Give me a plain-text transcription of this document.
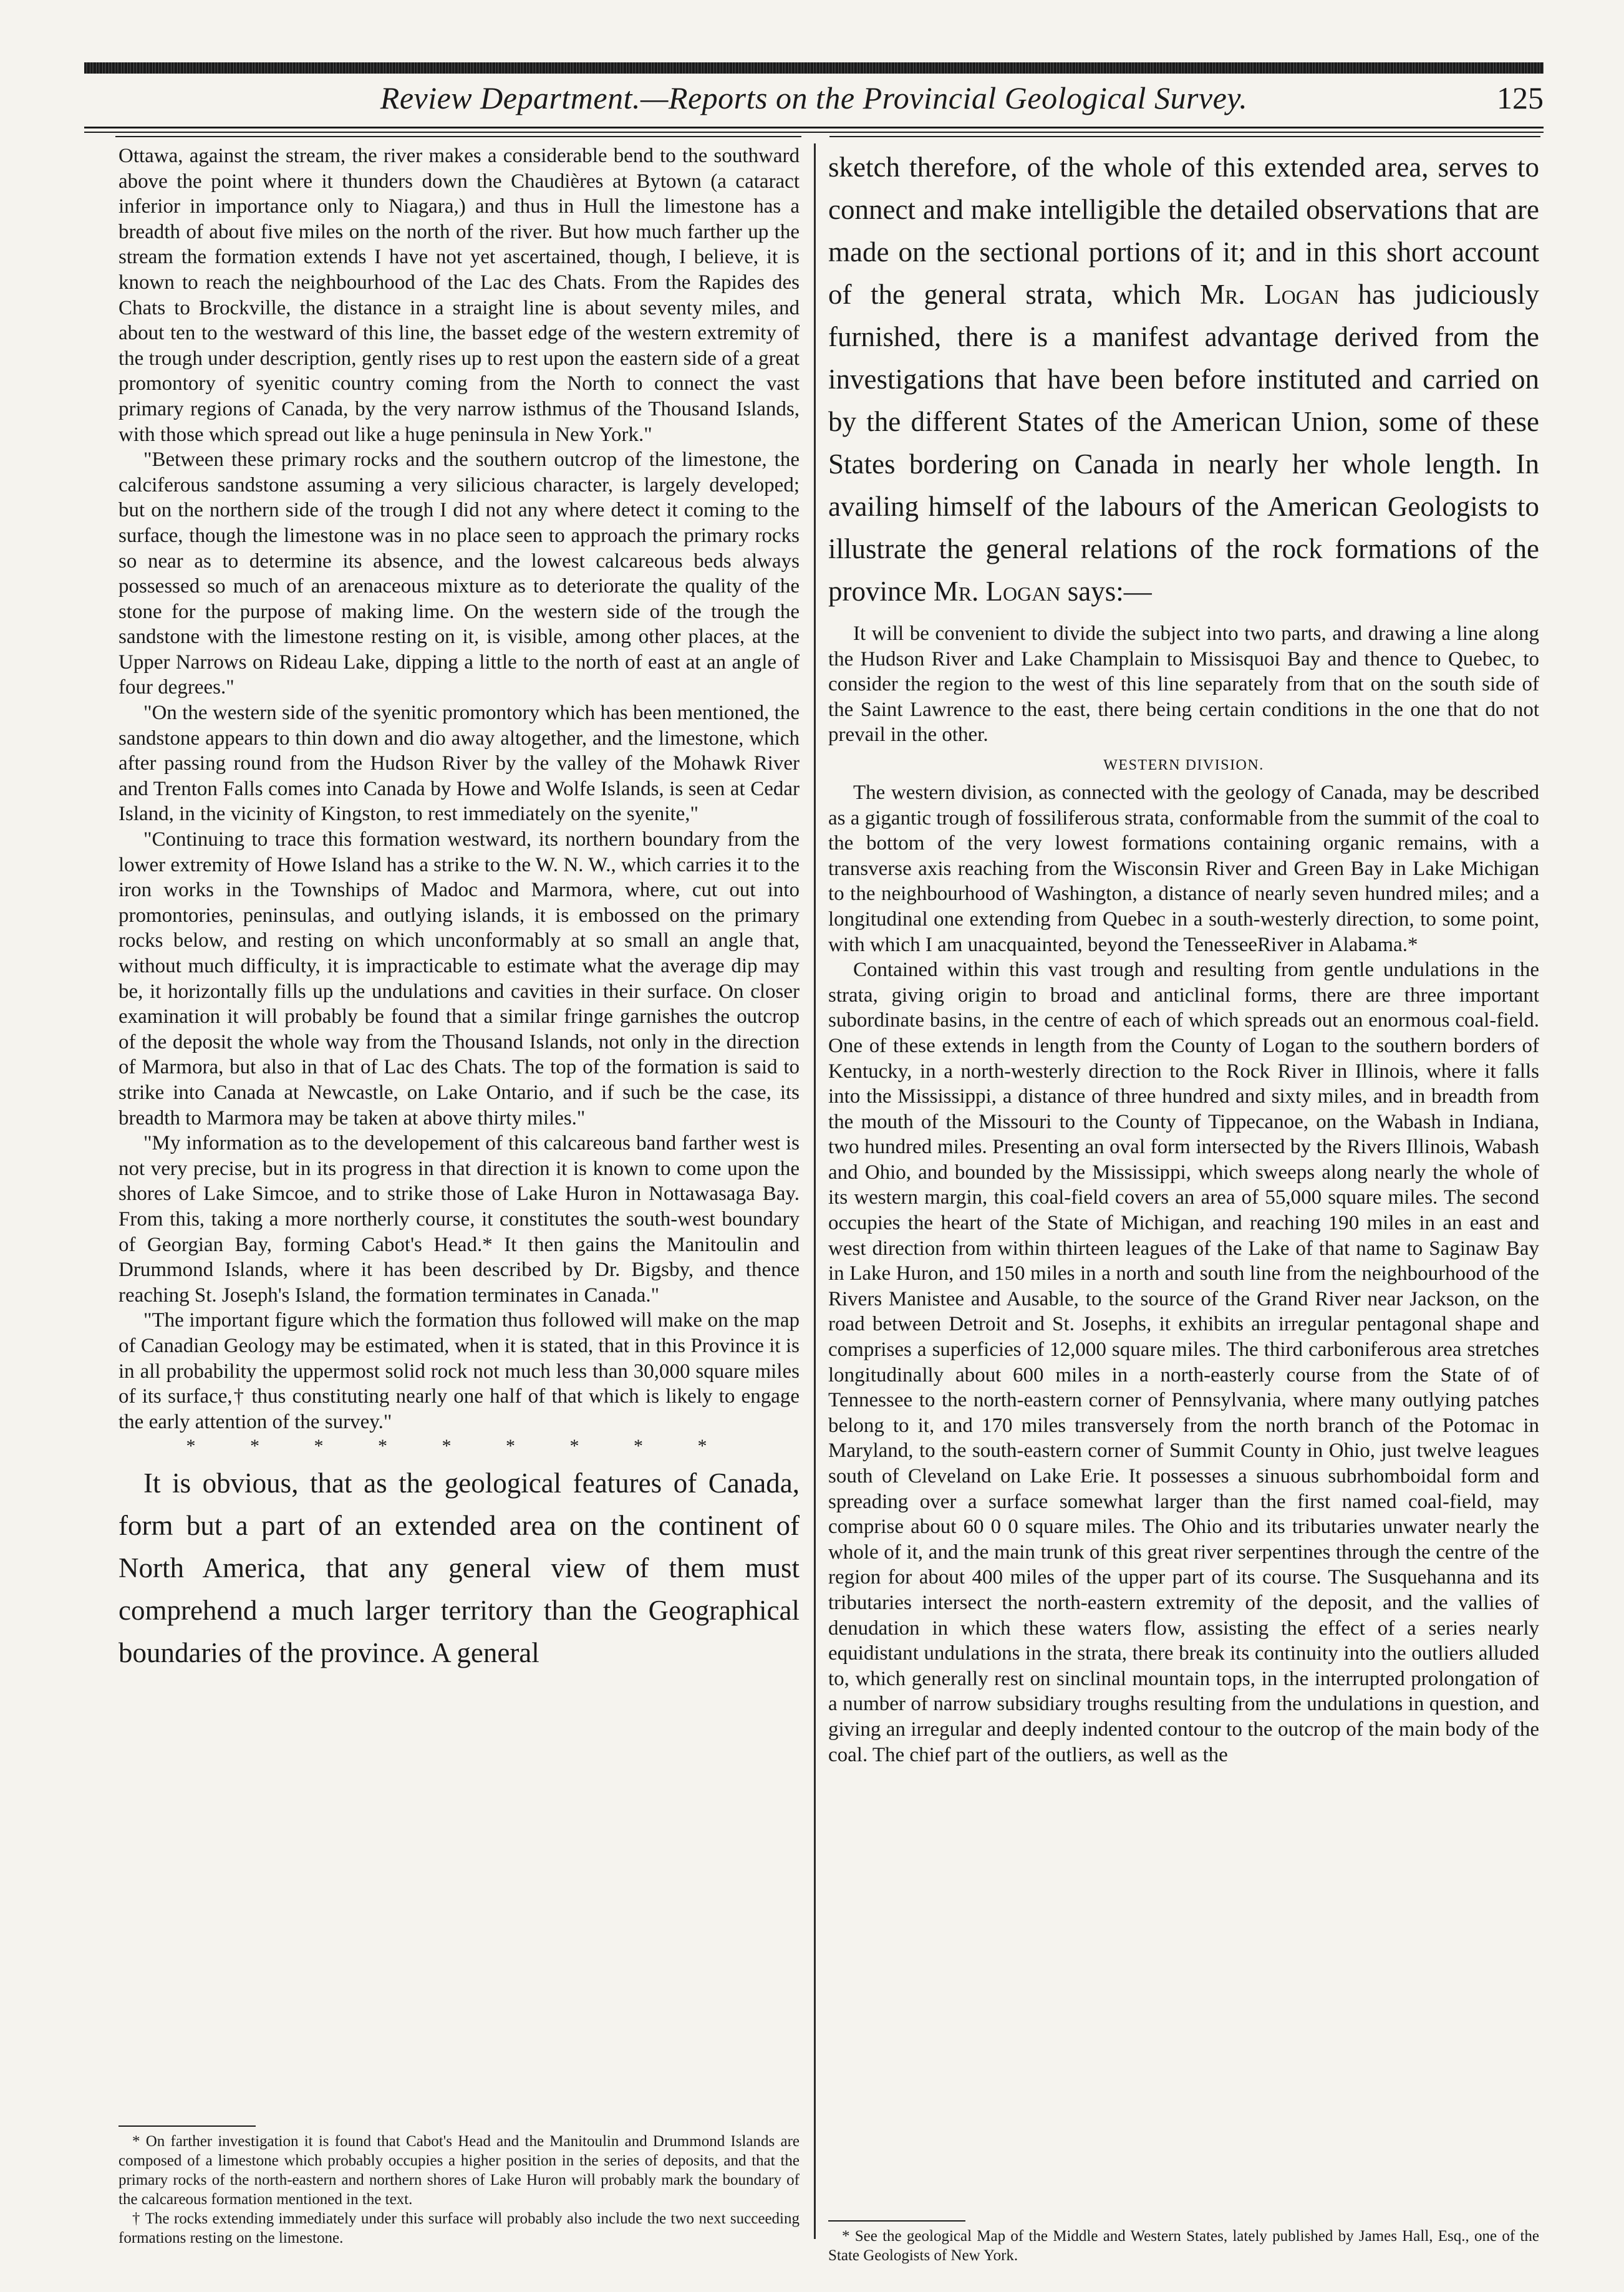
Review Department.—Reports on the Provincial Geological Survey.	125

Ottawa, against the stream, the river makes a considerable bend to the southward above the point where it thunders down the Chaudières at Bytown (a cataract inferior in importance only to Niagara,) and thus in Hull the limestone has a breadth of about five miles on the north of the river. But how much farther up the stream the formation extends I have not yet ascertained, though, I believe, it is known to reach the neighbourhood of the Lac des Chats. From the Rapides des Chats to Brockville, the distance in a straight line is about seventy miles, and about ten to the westward of this line, the basset edge of the western extremity of the trough under description, gently rises up to rest upon the eastern side of a great promontory of syenitic country coming from the North to connect the vast primary regions of Canada, by the very narrow isthmus of the Thousand Islands, with those which spread out like a huge peninsula in New York."

"Between these primary rocks and the southern outcrop of the limestone, the calciferous sandstone assuming a very silicious character, is largely developed; but on the northern side of the trough I did not any where detect it coming to the surface, though the limestone was in no place seen to approach the primary rocks so near as to determine its absence, and the lowest calcareous beds always possessed so much of an arenaceous mixture as to deteriorate the quality of the stone for the purpose of making lime. On the western side of the trough the sandstone with the limestone resting on it, is visible, among other places, at the Upper Narrows on Rideau Lake, dipping a little to the north of east at an angle of four degrees."

"On the western side of the syenitic promontory which has been mentioned, the sandstone appears to thin down and dio away altogether, and the limestone, which after passing round from the Hudson River by the valley of the Mohawk River and Trenton Falls comes into Canada by Howe and Wolfe Islands, is seen at Cedar Island, in the vicinity of Kingston, to rest immediately on the syenite,"

"Continuing to trace this formation westward, its northern boundary from the lower extremity of Howe Island has a strike to the W. N. W., which carries it to the iron works in the Townships of Madoc and Marmora, where, cut out into promontories, peninsulas, and outlying islands, it is embossed on the primary rocks below, and resting on which unconformably at so small an angle that, without much difficulty, it is impracticable to estimate what the average dip may be, it horizontally fills up the undulations and cavities in their surface. On closer examination it will probably be found that a similar fringe garnishes the outcrop of the deposit the whole way from the Thousand Islands, not only in the direction of Marmora, but also in that of Lac des Chats. The top of the formation is said to strike into Canada at Newcastle, on Lake Ontario, and if such be the case, its breadth to Marmora may be taken at above thirty miles."

"My information as to the developement of this calcareous band farther west is not very precise, but in its progress in that direction it is known to come upon the shores of Lake Simcoe, and to strike those of Lake Huron in Nottawasaga Bay. From this, taking a more northerly course, it constitutes the south-west boundary of Georgian Bay, forming Cabot's Head.* It then gains the Manitoulin and Drummond Islands, where it has been described by Dr. Bigsby, and thence reaching St. Joseph's Island, the formation terminates in Canada."

"The important figure which the formation thus followed will make on the map of Canadian Geology may be estimated, when it is stated, that in this Province it is in all probability the uppermost solid rock not much less than 30,000 square miles of its surface,† thus constituting nearly one half of that which is likely to engage the early attention of the survey."

* * * * * * * * *

It is obvious, that as the geological features of Canada, form but a part of an extended area on the continent of North America, that any general view of them must comprehend a much larger territory than the Geographical boundaries of the province. A general

sketch therefore, of the whole of this extended area, serves to connect and make intelligible the detailed observations that are made on the sectional portions of it; and in this short account of the general strata, which Mr. Logan has judiciously furnished, there is a manifest advantage derived from the investigations that have been before instituted and carried on by the different States of the American Union, some of these States bordering on Canada in nearly her whole length. In availing himself of the labours of the American Geologists to illustrate the general relations of the rock formations of the province Mr. Logan says:—

It will be convenient to divide the subject into two parts, and drawing a line along the Hudson River and Lake Champlain to Missisquoi Bay and thence to Quebec, to consider the region to the west of this line separately from that on the south side of the Saint Lawrence to the east, there being certain conditions in the one that do not prevail in the other.

WESTERN DIVISION.

The western division, as connected with the geology of Canada, may be described as a gigantic trough of fossiliferous strata, conformable from the summit of the coal to the bottom of the very lowest formations containing organic remains, with a transverse axis reaching from the Wisconsin River and Green Bay in Lake Michigan to the neighbourhood of Washington, a distance of nearly seven hundred miles; and a longitudinal one extending from Quebec in a south-westerly direction, to some point, with which I am unacquainted, beyond the TenesseeRiver in Alabama.*

Contained within this vast trough and resulting from gentle undulations in the strata, giving origin to broad and anticlinal forms, there are three important subordinate basins, in the centre of each of which spreads out an enormous coal-field. One of these extends in length from the County of Logan to the southern borders of Kentucky, in a north-westerly direction to the Rock River in Illinois, where it falls into the Mississippi, a distance of three hundred and sixty miles, and in breadth from the mouth of the Missouri to the County of Tippecanoe, on the Wabash in Indiana, two hundred miles. Presenting an oval form intersected by the Rivers Illinois, Wabash and Ohio, and bounded by the Mississippi, which sweeps along nearly the whole of its western margin, this coal-field covers an area of 55,000 square miles. The second occupies the heart of the State of Michigan, and reaching 190 miles in an east and west direction from within thirteen leagues of the Lake of that name to Saginaw Bay in Lake Huron, and 150 miles in a north and south line from the neighbourhood of the Rivers Manistee and Ausable, to the source of the Grand River near Jackson, on the road between Detroit and St. Josephs, it exhibits an irregular pentagonal shape and comprises a superficies of 12,000 square miles. The third carboniferous area stretches longitudinally about 600 miles in a north-easterly course from the State of of Tennessee to the north-eastern corner of Pennsylvania, where many outlying patches belong to it, and 170 miles transversely from the north branch of the Potomac in Maryland, to the south-eastern corner of Summit County in Ohio, just twelve leagues south of Cleveland on Lake Erie. It possesses a sinuous subrhomboidal form and spreading over a surface somewhat larger than the first named coal-field, may comprise about 60 0 0 square miles. The Ohio and its tributaries unwater nearly the whole of it, and the main trunk of this great river serpentines through the centre of the region for about 400 miles of the upper part of its course. The Susquehanna and its tributaries intersect the north-eastern extremity of the deposit, and the vallies of denudation in which these waters flow, assisting the effect of a series nearly equidistant undulations in the strata, there break its continuity into the outliers alluded to, which generally rest on sinclinal mountain tops, in the interrupted prolongation of a number of narrow subsidiary troughs resulting from the undulations in question, and giving an irregular and deeply indented contour to the outcrop of the main body of the coal. The chief part of the outliers, as well as the

* On farther investigation it is found that Cabot's Head and the Manitoulin and Drummond Islands are composed of a limestone which probably occupies a higher position in the series of deposits, and that the primary rocks of the north-eastern and northern shores of Lake Huron will probably mark the boundary of the calcareous formation mentioned in the text.

† The rocks extending immediately under this surface will probably also include the two next succeeding formations resting on the limestone.	* See the geological Map of the Middle and Western States, lately published by James Hall, Esq., one of the State Geologists of New York.
